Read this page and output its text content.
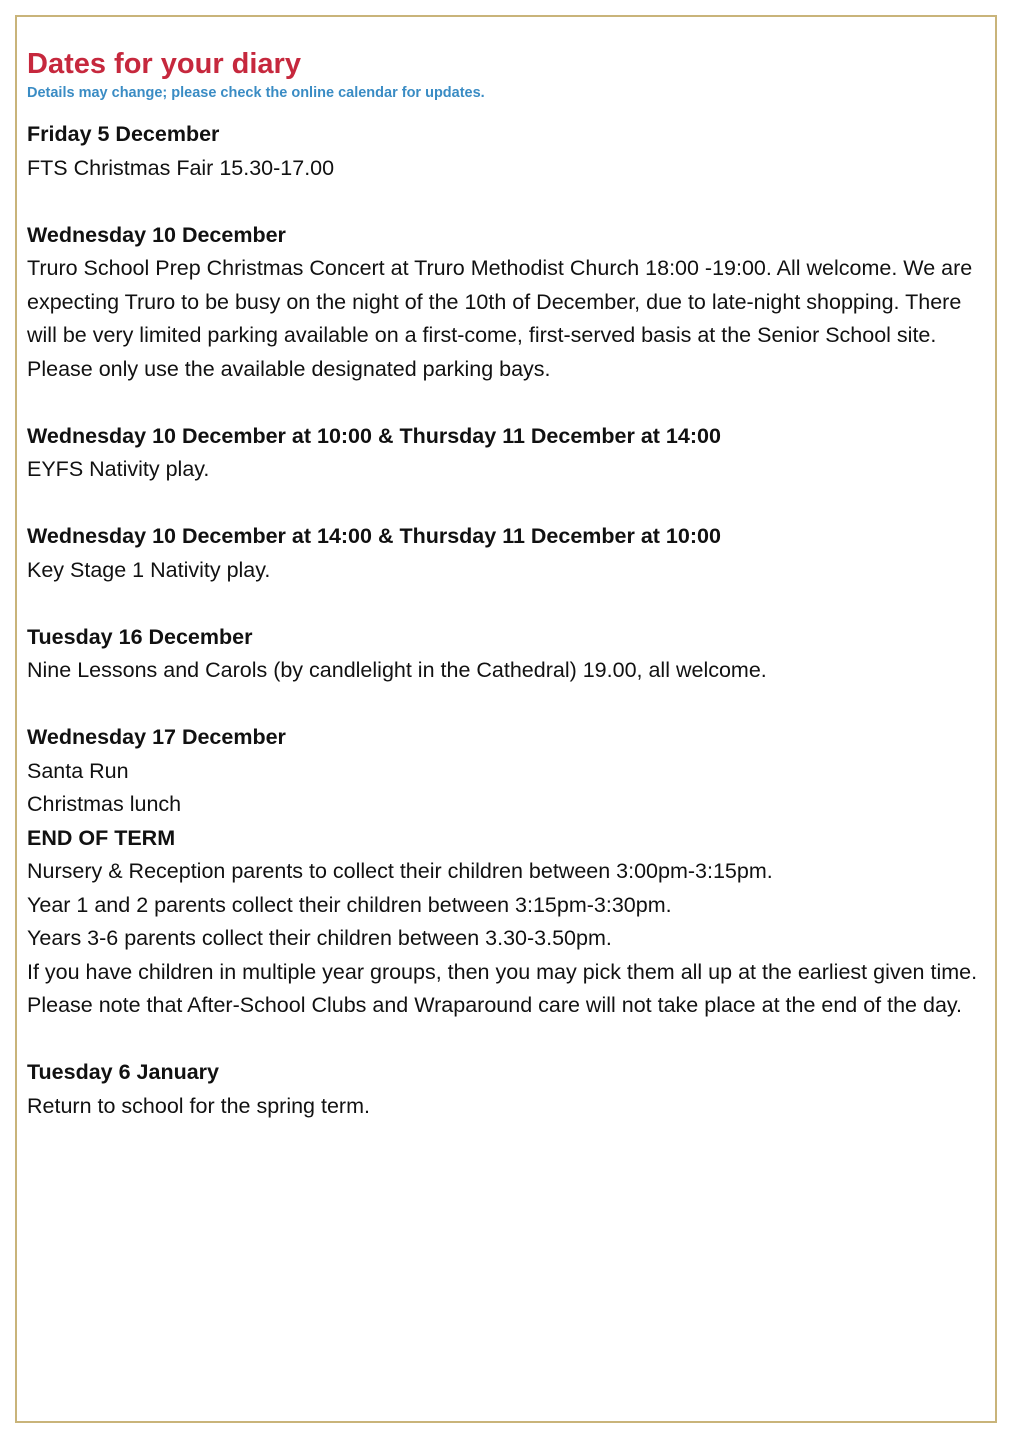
Dates for your diary

Details may change; please check the online calendar for updates.

Friday 5 December
FTS Christmas Fair 15.30-17.00
Wednesday 10 December
Truro School Prep Christmas Concert at Truro Methodist Church 18:00 -19:00. All welcome. We are expecting Truro to be busy on the night of the 10th of December, due to late-night shopping. There will be very limited parking available on a first-come, first-served basis at the Senior School site. Please only use the available designated parking bays.
Wednesday 10 December at 10:00 & Thursday 11 December at 14:00
EYFS Nativity play.
Wednesday 10 December at 14:00 & Thursday 11 December at 10:00
Key Stage 1 Nativity play.
Tuesday 16 December
Nine Lessons and Carols (by candlelight in the Cathedral) 19.00, all welcome.
Wednesday 17 December
Santa Run
Christmas lunch
END OF TERM
Nursery & Reception parents to collect their children between 3:00pm-3:15pm.
Year 1 and 2 parents collect their children between 3:15pm-3:30pm.
Years 3-6 parents collect their children between 3.30-3.50pm.
If you have children in multiple year groups, then you may pick them all up at the earliest given time.
Please note that After-School Clubs and Wraparound care will not take place at the end of the day.
Tuesday 6 January
Return to school for the spring term.
